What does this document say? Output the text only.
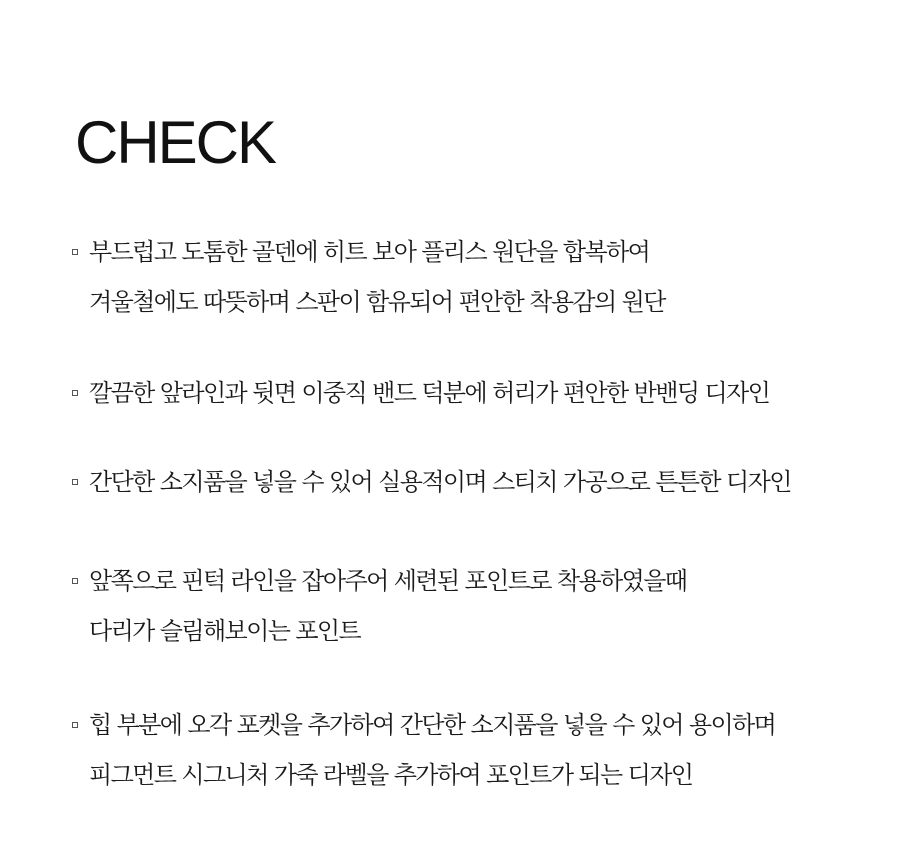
CHECK
부드럽고 도톰한 골덴에 히트 보아 플리스 원단을 합복하여
겨울철에도 따뜻하며 스판이 함유되어 편안한 착용감의 원단
깔끔한 앞라인과 뒷면 이중직 밴드 덕분에 허리가 편안한 반밴딩 디자인
간단한 소지품을 넣을 수 있어 실용적이며 스티치 가공으로 튼튼한 디자인
앞쪽으로 핀턱 라인을 잡아주어 세련된 포인트로 착용하였을때
다리가 슬림해보이는 포인트
힙 부분에 오각 포켓을 추가하여 간단한 소지품을 넣을 수 있어 용이하며
피그먼트 시그니처 가죽 라벨을 추가하여 포인트가 되는 디자인
